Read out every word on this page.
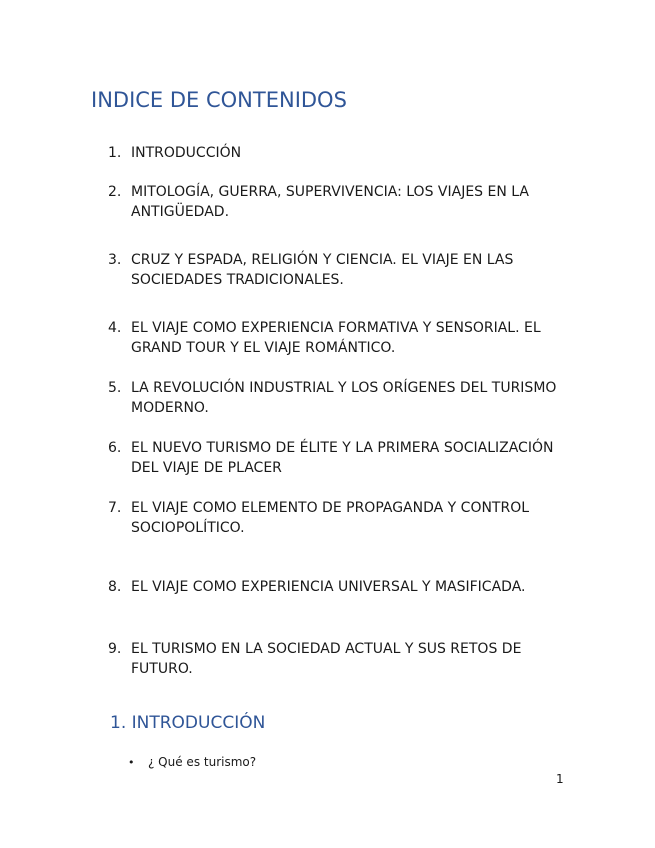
INDICE DE CONTENIDOS
1. INTRODUCCIÓN
2. MITOLOGÍA, GUERRA, SUPERVIVENCIA: LOS VIAJES EN LA ANTIGÜEDAD.
3. CRUZ Y ESPADA, RELIGIÓN Y CIENCIA. EL VIAJE EN LAS SOCIEDADES TRADICIONALES.
4. EL VIAJE COMO EXPERIENCIA FORMATIVA Y SENSORIAL. EL GRAND TOUR Y EL VIAJE ROMÁNTICO.
5. LA REVOLUCIÓN INDUSTRIAL Y LOS ORÍGENES DEL TURISMO MODERNO.
6. EL NUEVO TURISMO DE ÉLITE Y LA PRIMERA SOCIALIZACIÓN DEL VIAJE DE PLACER
7. EL VIAJE COMO ELEMENTO DE PROPAGANDA Y CONTROL SOCIOPOLÍTICO.
8. EL VIAJE COMO EXPERIENCIA UNIVERSAL Y MASIFICADA.
9. EL TURISMO EN LA SOCIEDAD ACTUAL Y SUS RETOS DE FUTURO.
1. INTRODUCCIÓN
•	¿ Qué es turismo?
1
